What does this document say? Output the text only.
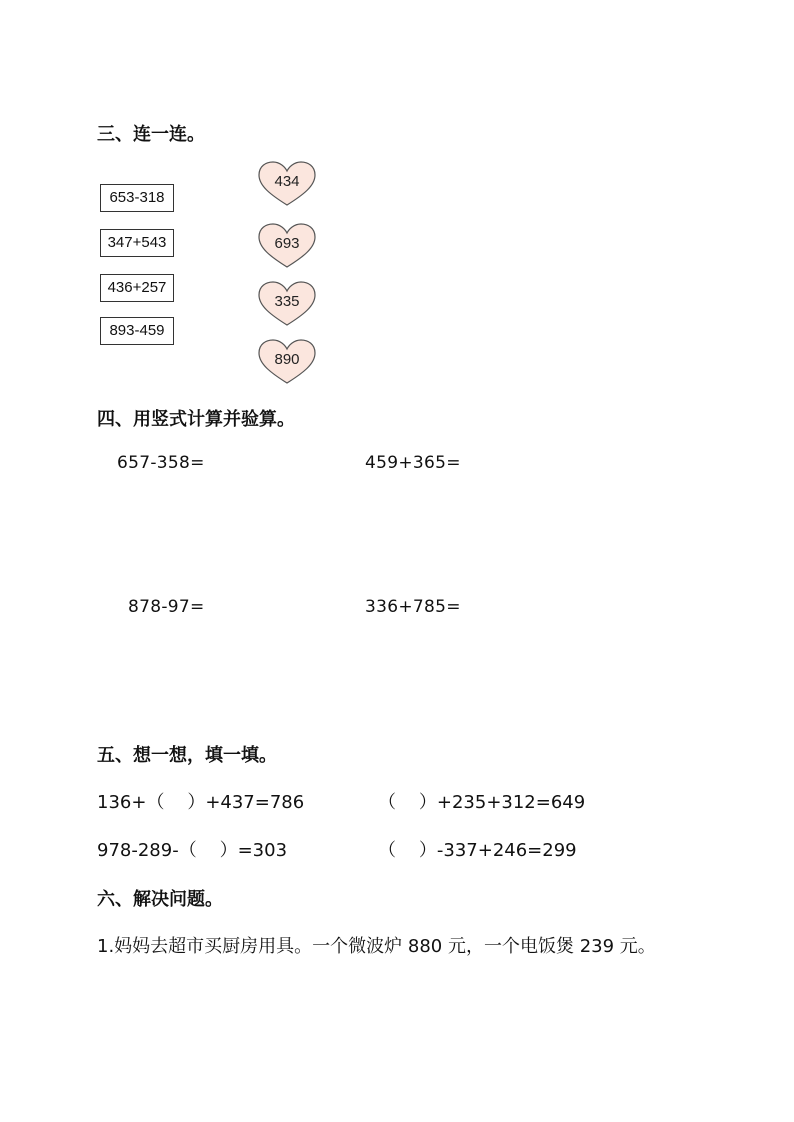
三、连一连。
653-318
347+543
436+257
893-459
434
693
335
890
四、用竖式计算并验算。
657-358=	459+365=
878-97=	336+785=
五、想一想，填一填。
136+（    ）+437=786	（    ）+235+312=649
978-289-（    ）=303	（    ）-337+246=299
六、解决问题。
1.妈妈去超市买厨房用具。一个微波炉 880 元，一个电饭煲 239 元。
